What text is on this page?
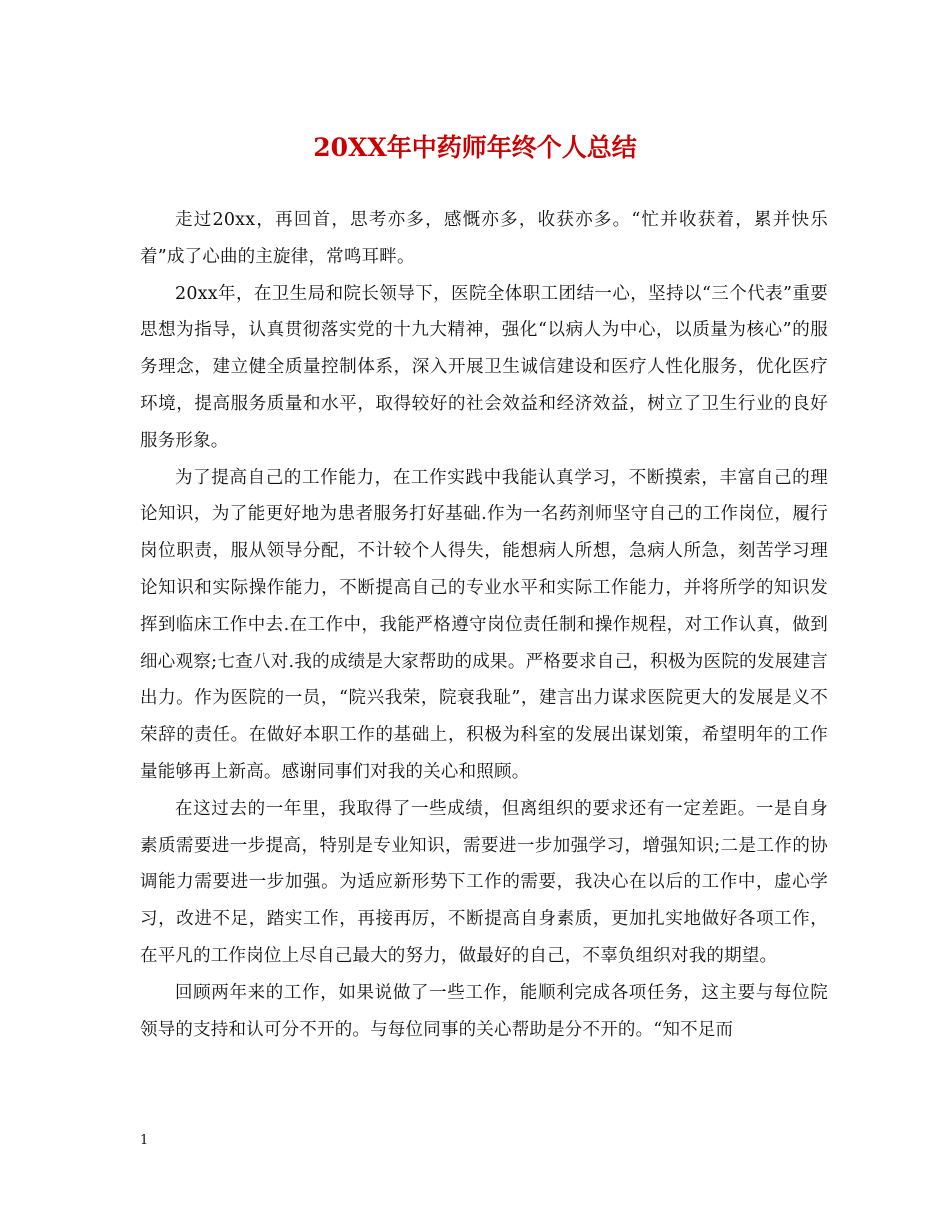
20XX年中药师年终个人总结

走过20xx，再回首，思考亦多，感慨亦多，收获亦多。“忙并收获着，累并快乐着”成了心曲的主旋律，常鸣耳畔。

20xx年，在卫生局和院长领导下，医院全体职工团结一心，坚持以“三个代表”重要思想为指导，认真贯彻落实党的十九大精神，强化“以病人为中心，以质量为核心”的服务理念，建立健全质量控制体系，深入开展卫生诚信建设和医疗人性化服务，优化医疗环境，提高服务质量和水平，取得较好的社会效益和经济效益，树立了卫生行业的良好服务形象。

为了提高自己的工作能力，在工作实践中我能认真学习，不断摸索，丰富自己的理论知识，为了能更好地为患者服务打好基础.作为一名药剂师坚守自己的工作岗位，履行岗位职责，服从领导分配，不计较个人得失，能想病人所想，急病人所急，刻苦学习理论知识和实际操作能力，不断提高自己的专业水平和实际工作能力，并将所学的知识发挥到临床工作中去.在工作中，我能严格遵守岗位责任制和操作规程，对工作认真，做到细心观察;七查八对.我的成绩是大家帮助的成果。严格要求自己，积极为医院的发展建言出力。作为医院的一员，“院兴我荣，院衰我耻”，建言出力谋求医院更大的发展是义不荣辞的责任。在做好本职工作的基础上，积极为科室的发展出谋划策，希望明年的工作量能够再上新高。感谢同事们对我的关心和照顾。

在这过去的一年里，我取得了一些成绩，但离组织的要求还有一定差距。一是自身素质需要进一步提高，特别是专业知识，需要进一步加强学习，增强知识;二是工作的协调能力需要进一步加强。为适应新形势下工作的需要，我决心在以后的工作中，虚心学习，改进不足，踏实工作，再接再厉，不断提高自身素质，更加扎实地做好各项工作，在平凡的工作岗位上尽自己最大的努力，做最好的自己，不辜负组织对我的期望。

回顾两年来的工作，如果说做了一些工作，能顺利完成各项任务，这主要与每位院领导的支持和认可分不开的。与每位同事的关心帮助是分不开的。“知不足而

1
